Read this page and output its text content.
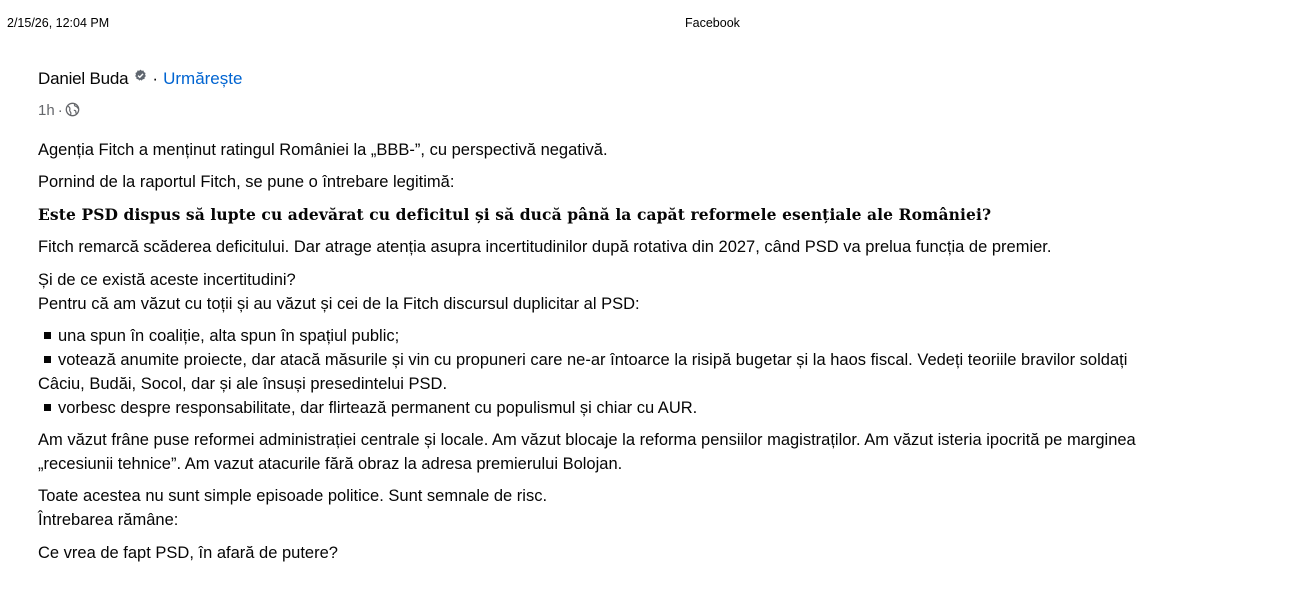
2/15/26, 12:04 PM	Facebook
Daniel Buda · Urmărește
1h ·

Agenția Fitch a menținut ratingul României la „BBB-”, cu perspectivă negativă.

Pornind de la raportul Fitch, se pune o întrebare legitimă:

Este PSD dispus să lupte cu adevărat cu deficitul și să ducă până la capăt reformele esențiale ale României?

Fitch remarcă scăderea deficitului. Dar atrage atenția asupra incertitudinilor după rotativa din 2027, când PSD va prelua funcția de premier.

Și de ce există aceste incertitudini?

Pentru că am văzut cu toții și au văzut și cei de la Fitch discursul duplicitar al PSD:

una spun în coaliție, alta spun în spațiul public;

votează anumite proiecte, dar atacă măsurile și vin cu propuneri care ne-ar întoarce la risipă bugetar și la haos fiscal. Vedeți teoriile bravilor soldați

Câciu, Budăi, Socol, dar și ale însuși presedintelui PSD.

vorbesc despre responsabilitate, dar flirtează permanent cu populismul și chiar cu AUR.

Am văzut frâne puse reformei administrației centrale și locale. Am văzut blocaje la reforma pensiilor magistraților. Am văzut isteria ipocrită pe marginea

„recesiunii tehnice”. Am vazut atacurile fără obraz la adresa premierului Bolojan.

Toate acestea nu sunt simple episoade politice. Sunt semnale de risc.

Întrebarea rămâne:

Ce vrea de fapt PSD, în afară de putere?
